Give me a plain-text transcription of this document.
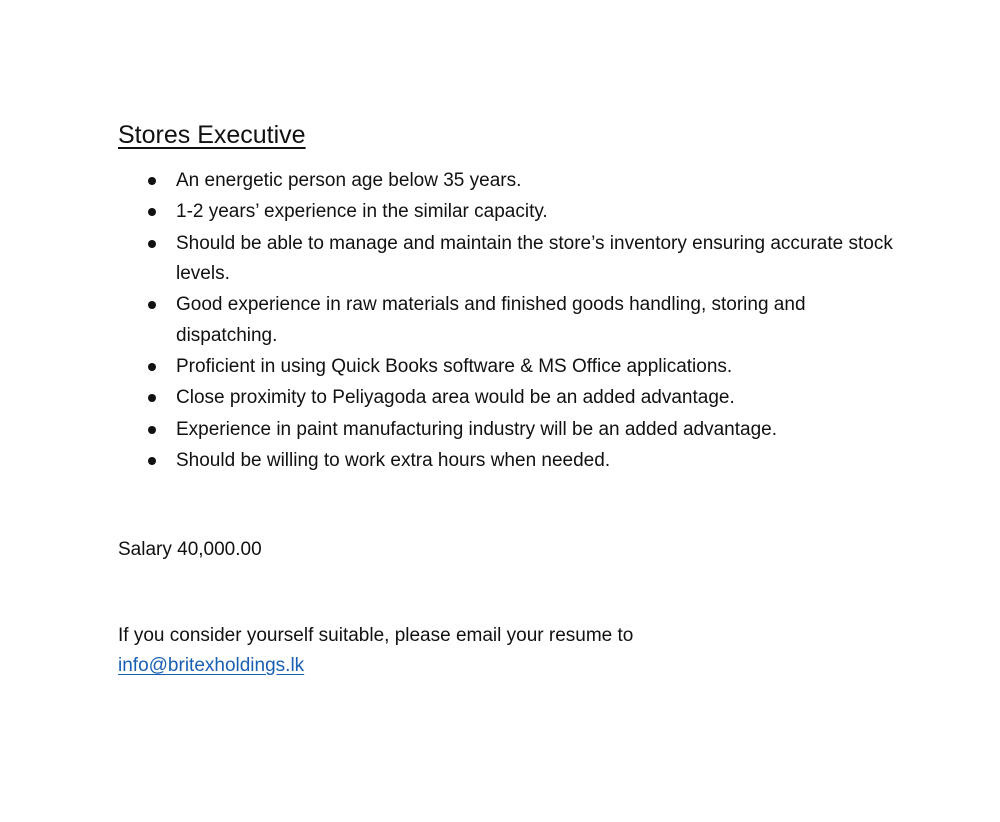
Stores Executive
An energetic person age below 35 years.
1-2 years’ experience in the similar capacity.
Should be able to manage and maintain the store’s inventory ensuring accurate stock levels.
Good experience in raw materials and finished goods handling, storing and dispatching.
Proficient in using Quick Books software & MS Office applications.
Close proximity to Peliyagoda area would be an added advantage.
Experience in paint manufacturing industry will be an added advantage.
Should be willing to work extra hours when needed.
Salary 40,000.00
If you consider yourself suitable, please email your resume to info@britexholdings.lk
